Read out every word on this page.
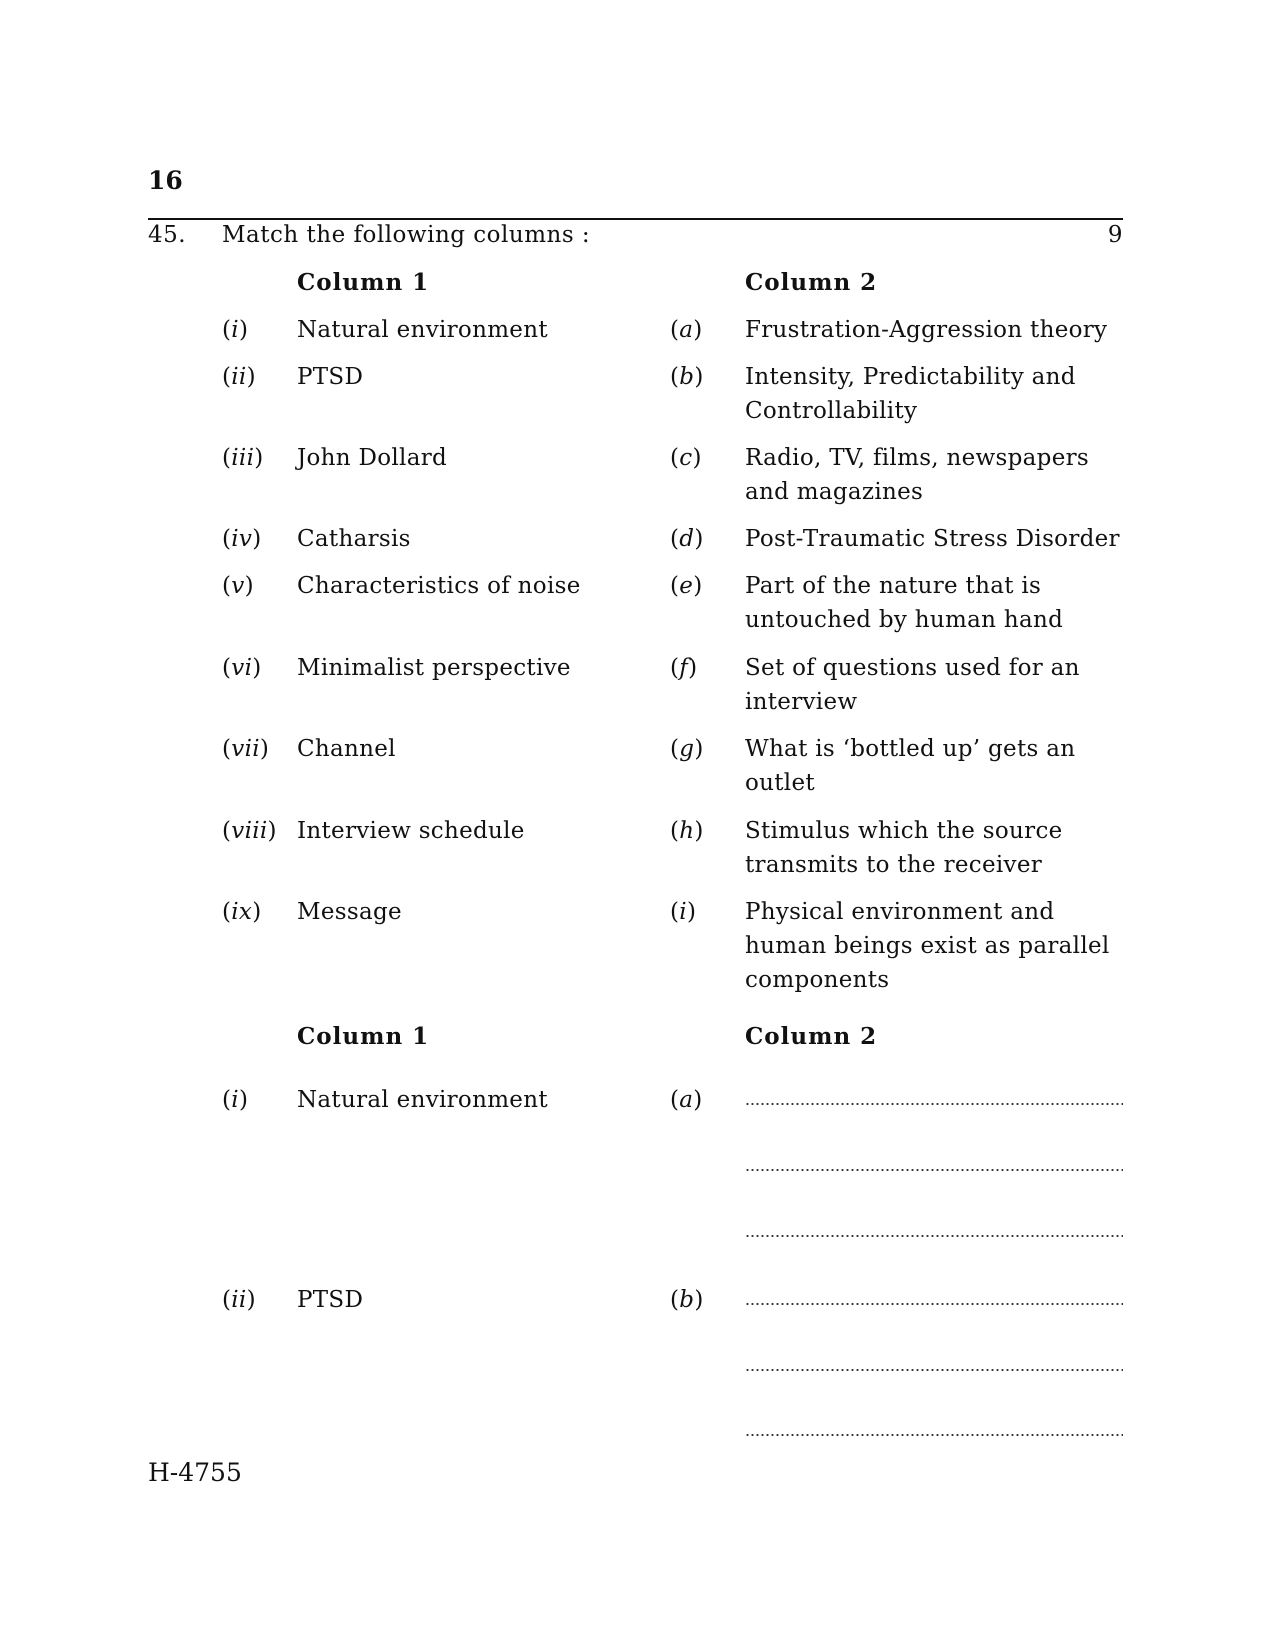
16
45. Match the following columns :	9
Column 1	Column 2
(i) Natural environment	(a) Frustration-Aggression theory
(ii) PTSD	(b) Intensity, Predictability and
Controllability
(iii) John Dollard	(c) Radio, TV, films, newspapers
and magazines
(iv) Catharsis	(d) Post-Traumatic Stress Disorder
(v) Characteristics of noise	(e) Part of the nature that is
untouched by human hand
(vi) Minimalist perspective	(f) Set of questions used for an
interview
(vii) Channel	(g) What is ‘bottled up’ gets an
outlet
(viii) Interview schedule	(h) Stimulus which the source
transmits to the receiver
(ix) Message	(i) Physical environment and
human beings exist as parallel
components
Column 1	Column 2
(i) Natural environment	(a)
(ii) PTSD	(b)
H-4755
